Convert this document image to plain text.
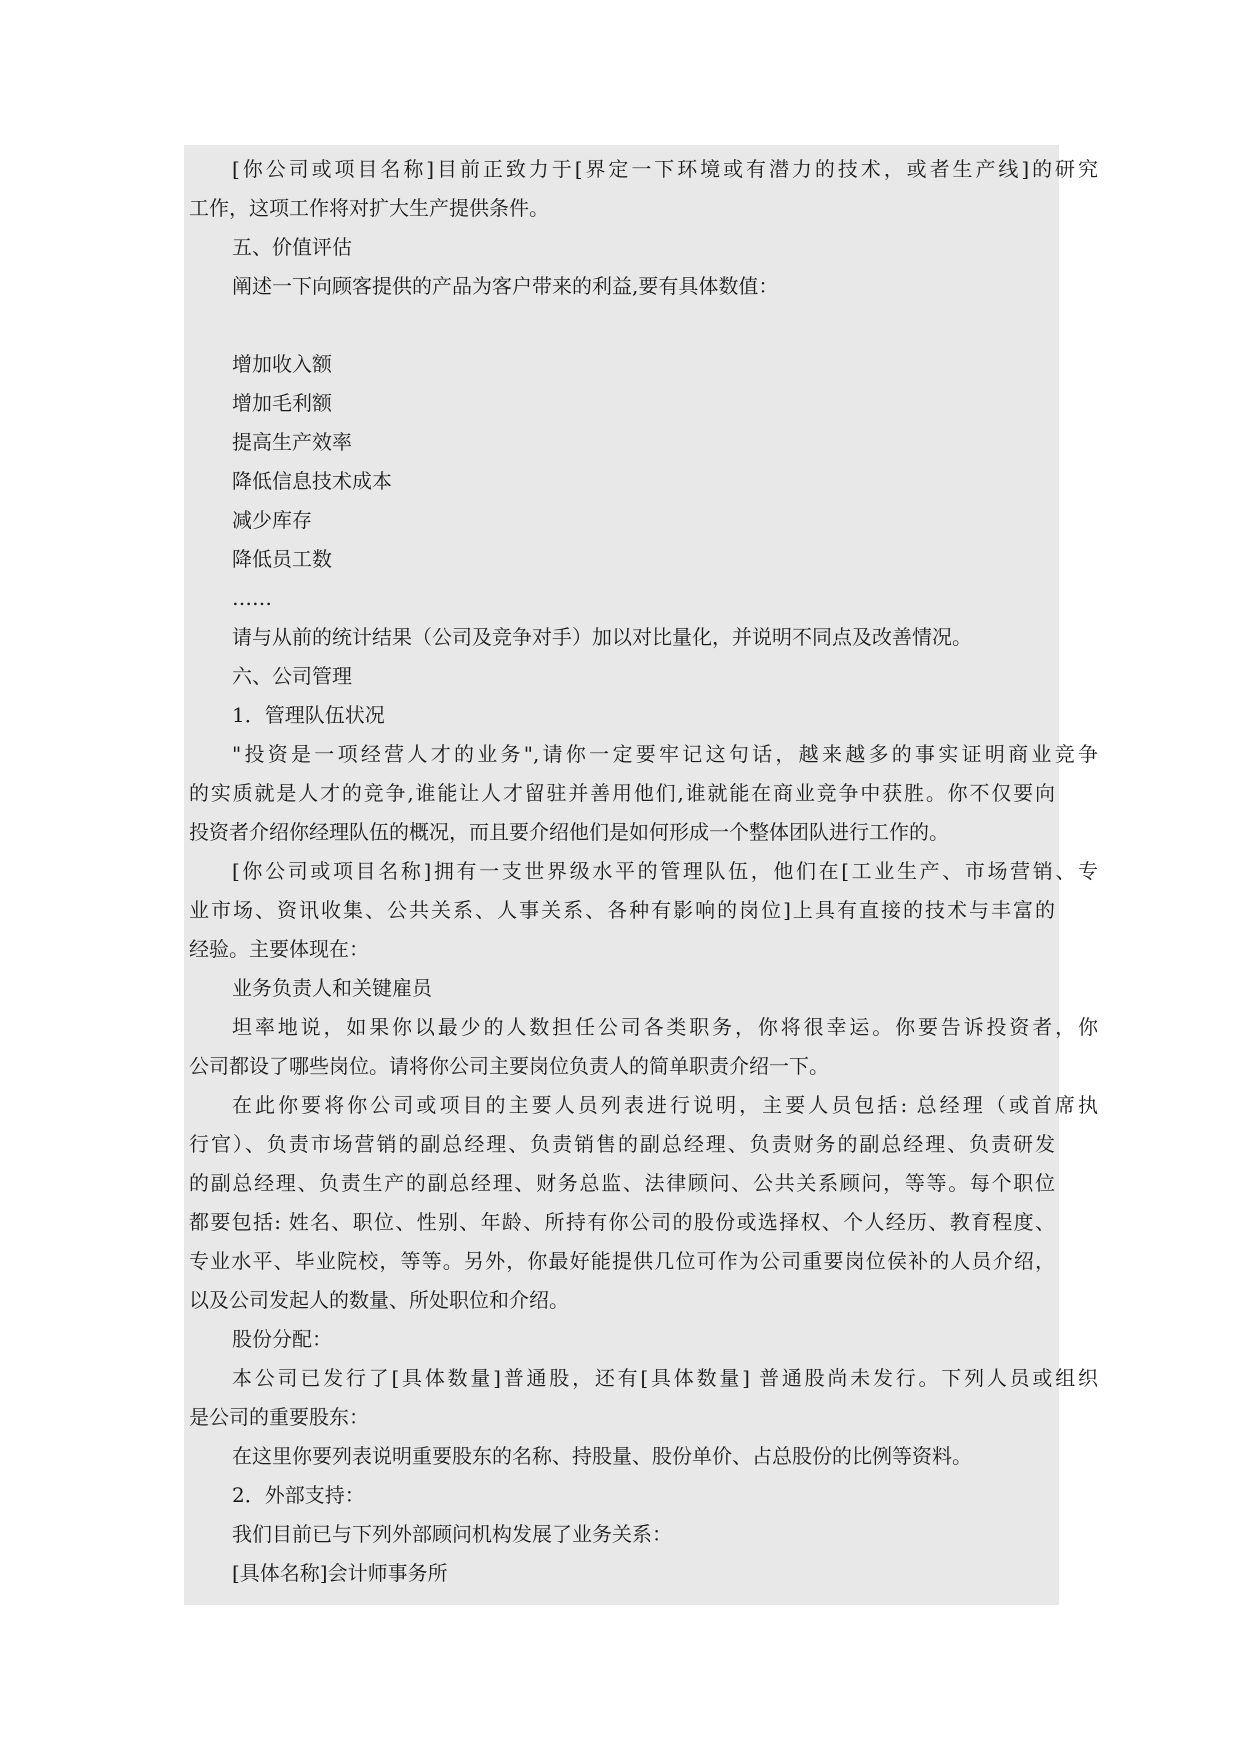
[你公司或项目名称]目前正致力于[界定一下环境或有潜力的技术，或者生产线]的研究
工作，这项工作将对扩大生产提供条件。
五、价值评估
阐述一下向顾客提供的产品为客户带来的利益,要有具体数值：
增加收入额
增加毛利额
提高生产效率
降低信息技术成本
减少库存
降低员工数
……
请与从前的统计结果（公司及竞争对手）加以对比量化，并说明不同点及改善情况。
六、公司管理
1．管理队伍状况
"投资是一项经营人才的业务",请你一定要牢记这句话，越来越多的事实证明商业竞争
的实质就是人才的竞争,谁能让人才留驻并善用他们,谁就能在商业竞争中获胜。你不仅要向
投资者介绍你经理队伍的概况，而且要介绍他们是如何形成一个整体团队进行工作的。
[你公司或项目名称]拥有一支世界级水平的管理队伍，他们在[工业生产、市场营销、专
业市场、资讯收集、公共关系、人事关系、各种有影响的岗位]上具有直接的技术与丰富的
经验。主要体现在：
业务负责人和关键雇员
坦率地说，如果你以最少的人数担任公司各类职务，你将很幸运。你要告诉投资者，你
公司都设了哪些岗位。请将你公司主要岗位负责人的简单职责介绍一下。
在此你要将你公司或项目的主要人员列表进行说明，主要人员包括: 总经理（或首席执
行官）、负责市场营销的副总经理、负责销售的副总经理、负责财务的副总经理、负责研发
的副总经理、负责生产的副总经理、财务总监、法律顾问、公共关系顾问，等等。每个职位
都要包括: 姓名、职位、性别、年龄、所持有你公司的股份或选择权、个人经历、教育程度、
专业水平、毕业院校，等等。另外，你最好能提供几位可作为公司重要岗位侯补的人员介绍，
以及公司发起人的数量、所处职位和介绍。
股份分配：
本公司已发行了[具体数量]普通股，还有[具体数量] 普通股尚未发行。下列人员或组织
是公司的重要股东：
在这里你要列表说明重要股东的名称、持股量、股份单价、占总股份的比例等资料。
2．外部支持：
我们目前已与下列外部顾问机构发展了业务关系：
[具体名称]会计师事务所
